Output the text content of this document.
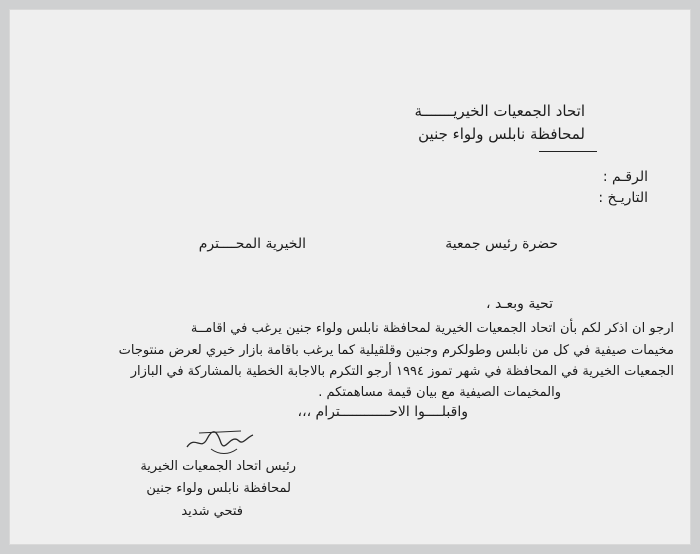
اتحاد الجمعيات الخيريـــــــة
لمحافظة نابلس ولواء جنين
الرقـم :
التاريـخ :
حضرة رئيس جمعية
الخيرية المحــــترم
تحية وبعـد ،
ارجو ان اذكر لكم بأن اتحاد الجمعيات الخيرية لمحافظة نابلس ولواء جنين يرغب في اقامــة
مخيمات صيفية في كل من نابلس وطولكرم وجنين وقلقيلية كما يرغب باقامة بازار خيري لعرض منتوجات
الجمعيات الخيرية في المحافظة في شهر تموز ١٩٩٤ أرجو التكرم بالاجابة الخطية بالمشاركة في البازار
والمخيمات الصيفية مع بيان قيمة مساهمتكم .
واقبلــــوا الاحــــــــــــترام ،،،
رئيس اتحاد الجمعيات الخيرية
لمحافظة نابلس ولواء جنين
فتحي شديد
